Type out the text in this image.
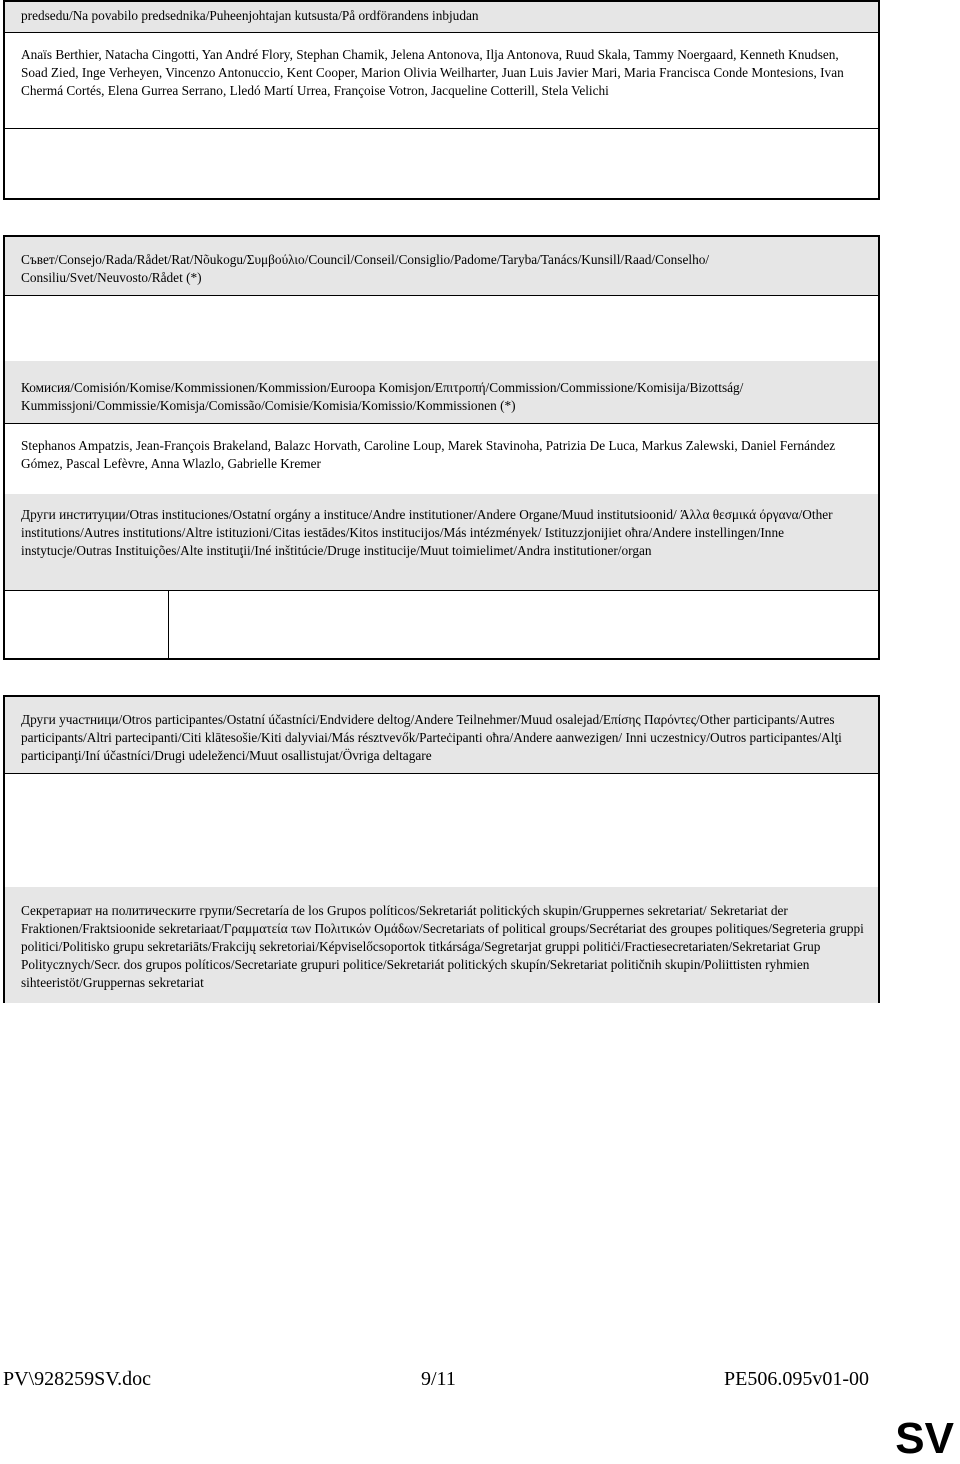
predsedu/Na povabilo predsednika/Puheenjohtajan kutsusta/På ordförandens inbjudan

Anaïs Berthier, Natacha Cingotti, Yan André Flory, Stephan Chamik, Jelena Antonova, Ilja Antonova, Ruud Skala, Tammy Noergaard, Kenneth Knudsen, Soad Zied, Inge Verheyen, Vincenzo Antonuccio, Kent Cooper, Marion Olivia Weilharter, Juan Luis Javier Mari, Maria Francisca Conde Montesions, Ivan Chermá Cortés, Elena Gurrea Serrano, Lledó Martí Urrea, Françoise Votron, Jacqueline Cotterill, Stela Velichi

Съвет/Consejo/Rada/Rådet/Rat/Nõukogu/Συμβούλιο/Council/Conseil/Consiglio/Padome/Taryba/Tanács/Kunsill/Raad/Conselho/ Consiliu/Svet/Neuvosto/Rådet (*)

Комисия/Comisión/Komise/Kommissionen/Kommission/Euroopa Komisjon/Επιτροπή/Commission/Commissione/Komisija/Bizottság/ Kummissjoni/Commissie/Komisja/Comissão/Comisie/Komisia/Komissio/Kommissionen (*)

Stephanos Ampatzis, Jean-François Brakeland, Balazc Horvath, Caroline Loup, Marek Stavinoha, Patrizia De Luca, Markus Zalewski, Daniel Fernández Gómez, Pascal Lefèvre, Anna Wlazlo, Gabrielle Kremer

Други институции/Otras instituciones/Ostatní orgány a instituce/Andre institutioner/Andere Organe/Muud institutsioonid/ Άλλα θεσμικά όργανα/Other institutions/Autres institutions/Altre istituzioni/Citas iestādes/Kitos institucijos/Más intézmények/ Istituzzjonijiet oħra/Andere instellingen/Inne instytucje/Outras Instituições/Alte instituţii/Iné inštitúcie/Druge institucije/Muut toimielimet/Andra institutioner/organ

Други участници/Otros participantes/Ostatní účastníci/Endvidere deltog/Andere Teilnehmer/Muud osalejad/Επίσης Παρόντες/Other participants/Autres participants/Altri partecipanti/Citi klātesošie/Kiti dalyviai/Más résztvevők/Parteċipanti oħra/Andere aanwezigen/ Inni uczestnicy/Outros participantes/Alţi participanţi/Iní účastníci/Drugi udeleženci/Muut osallistujat/Övriga deltagare

Секретариат на политическите групи/Secretaría de los Grupos políticos/Sekretariát politických skupin/Gruppernes sekretariat/ Sekretariat der Fraktionen/Fraktsioonide sekretariaat/Γραμματεία των Πολιτικών Ομάδων/Secretariats of political groups/Secrétariat des groupes politiques/Segreteria gruppi politici/Politisko grupu sekretariāts/Frakcijų sekretoriai/Képviselőcsoportok titkársága/Segretarjat gruppi politiċi/Fractiesecretariaten/Sekretariat Grup Politycznych/Secr. dos grupos políticos/Secretariate grupuri politice/Sekretariát politických skupín/Sekretariat političnih skupin/Poliittisten ryhmien sihteeristöt/Gruppernas sekretariat

PV\928259SV.doc	9/11	PE506.095v01-00
SV
